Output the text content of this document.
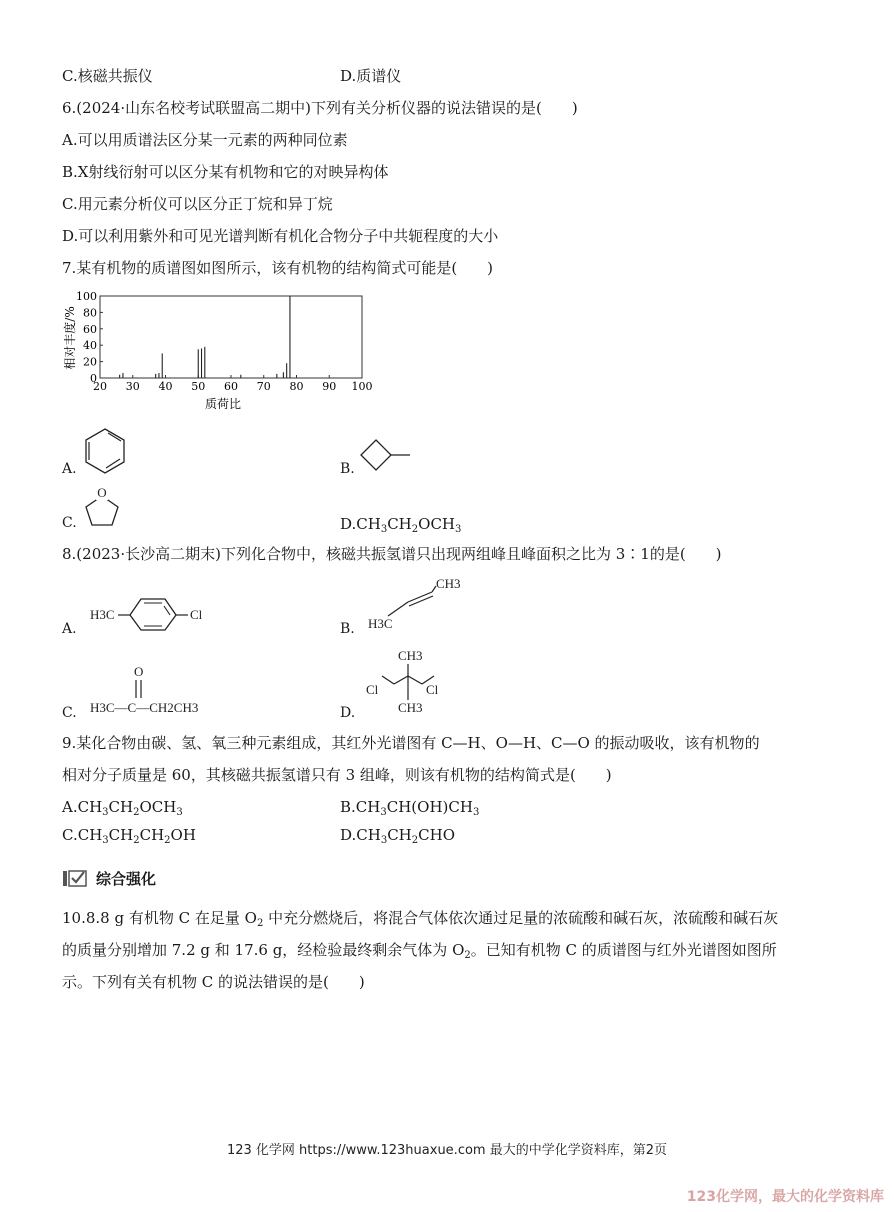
C.核磁共振仪	D.质谱仪
6.(2024·山东名校考试联盟高二期中)下列有关分析仪器的说法错误的是(　　)
A.可以用质谱法区分某一元素的两种同位素
B.X射线衍射可以区分某有机物和它的对映异构体
C.用元素分析仪可以区分正丁烷和异丁烷
D.可以利用紫外和可见光谱判断有机化合物分子中共轭程度的大小
7.某有机物的质谱图如图所示，该有机物的结构简式可能是(　　)
20 30 40 50 60 70 80 90 100
0
20
40
60
80
100
质荷比
相对丰度/%
A.	B.
C.
O
$D.CH_3CH_2OCH_3$
8.(2023·长沙高二期末)下列化合物中，核磁共振氢谱只出现两组峰且峰面积之比为 3∶1的是(　　)
A.
H3C	Cl
B.
CH3
H3C
C.
O
H3C—C—CH2CH3	D.
CH3
Cl	Cl
CH3
9.某化合物由碳、氢、氧三种元素组成，其红外光谱图有 C—H、O—H、C—O 的振动吸收，该有机物的
相对分子质量是 60，其核磁共振氢谱只有 3 组峰，则该有机物的结构简式是(　　)
$A.CH_3CH_2OCH_3$	$B.CH_3CH(OH)CH_3$
$C.CH_3CH_2CH_2OH$	$D.CH_3CH_2CHO$
综合强化
10.8.8 g 有机物 C 在足量 $O_2$ 中充分燃烧后，将混合气体依次通过足量的浓硫酸和碱石灰，浓硫酸和碱石灰
的质量分别增加 7.2 g 和 17.6 g，经检验最终剩余气体为 $O_2$。已知有机物 C 的质谱图与红外光谱图如图所
示。下列有关有机物 C 的说法错误的是(　　)
123 化学网 https://www.123huaxue.com 最大的中学化学资料库，第2页
123化学网，最大的化学资料库
